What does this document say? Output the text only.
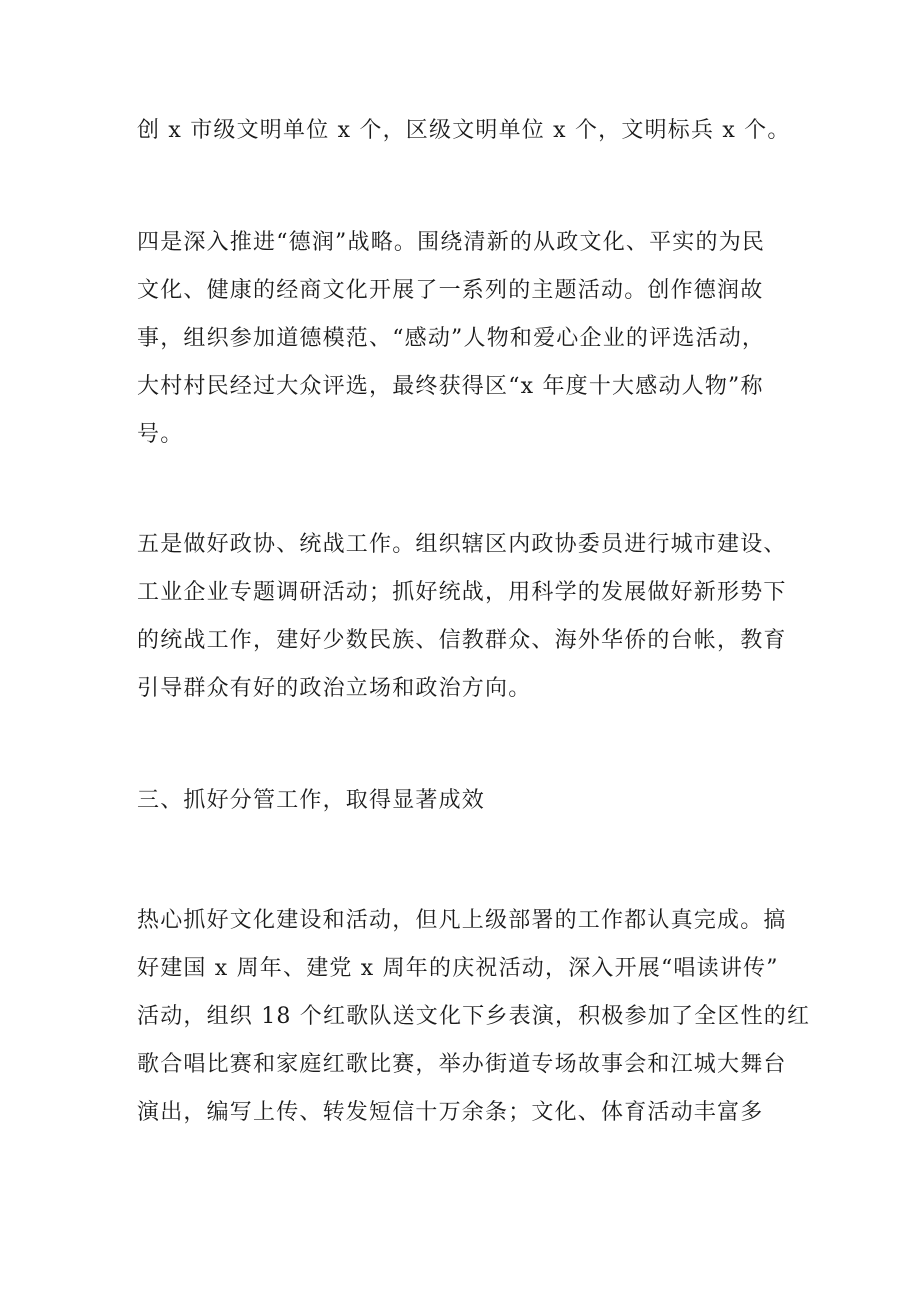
创 x 市级文明单位 x 个，区级文明单位 x 个，文明标兵 x 个。

四是深入推进“德润”战略。围绕清新的从政文化、平实的为民

文化、健康的经商文化开展了一系列的主题活动。创作德润故

事，组织参加道德模范、“感动”人物和爱心企业的评选活动，

大村村民经过大众评选，最终获得区“x 年度十大感动人物”称

号。

五是做好政协、统战工作。组织辖区内政协委员进行城市建设、

工业企业专题调研活动；抓好统战，用科学的发展做好新形势下

的统战工作，建好少数民族、信教群众、海外华侨的台帐，教育

引导群众有好的政治立场和政治方向。

三、抓好分管工作，取得显著成效

热心抓好文化建设和活动，但凡上级部署的工作都认真完成。搞

好建国 x 周年、建党 x 周年的庆祝活动，深入开展“唱读讲传”

活动，组织 18 个红歌队送文化下乡表演，积极参加了全区性的红

歌合唱比赛和家庭红歌比赛，举办街道专场故事会和江城大舞台

演出，编写上传、转发短信十万余条；文化、体育活动丰富多
